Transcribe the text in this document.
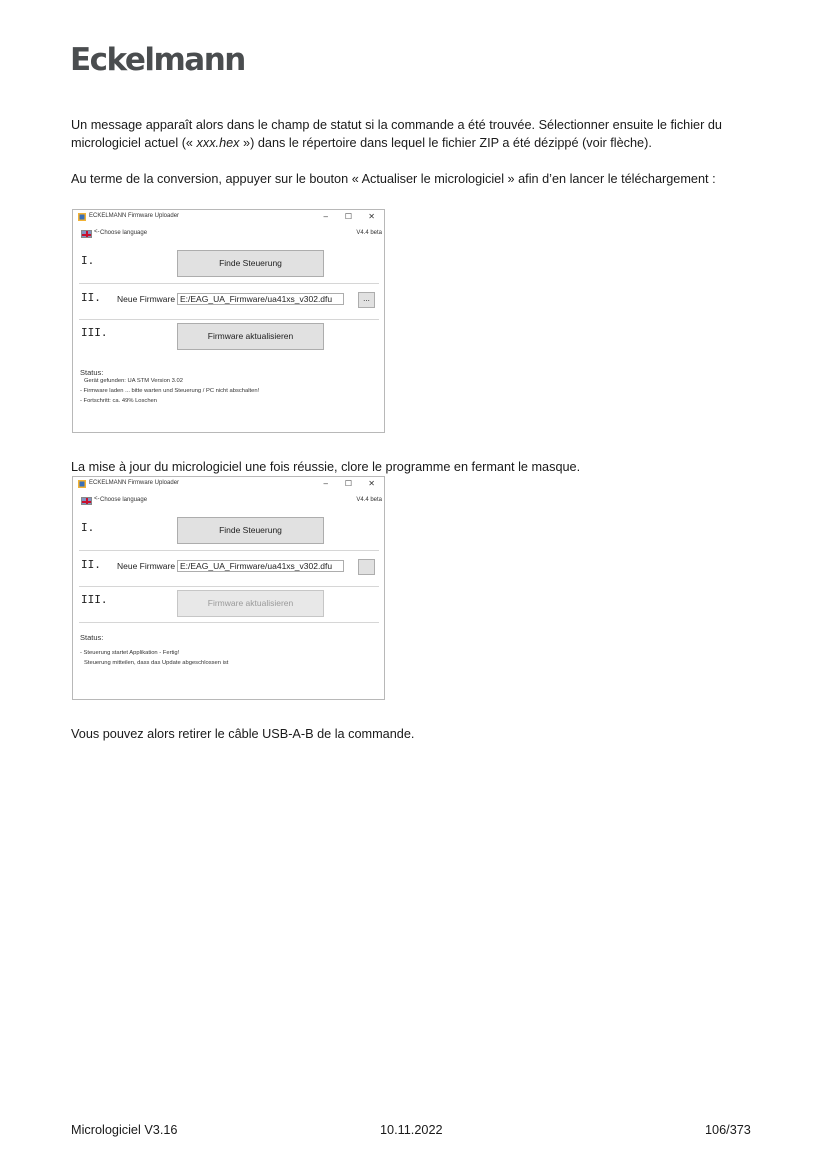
Eckelmann
Un message apparaît alors dans le champ de statut si la commande a été trouvée. Sélectionner ensuite le fichier du micrologiciel actuel (« xxx.hex ») dans le répertoire dans lequel le fichier ZIP a été dézippé (voir flèche).
Au terme de la conversion, appuyer sur le bouton « Actualiser le micrologiciel » afin d’en lancer le téléchargement :
ECKELMANN Firmware Uploader	– ☐ ✕
<- Choose language	V4.4 beta
I.	Finde Steuerung
II. Neue Firmware E:/EAG_UA_Firmware/ua41xs_v302.dfu	...
III.	Firmware aktualisieren
Status:
Gerät gefunden: UA STM Version 3.02
- Firmware laden ... bitte warten und Steuerung / PC nicht abschalten!
- Fortschritt: ca. 49% Loschen
La mise à jour du micrologiciel une fois réussie, clore le programme en fermant le masque.
ECKELMANN Firmware Uploader	– ☐ ✕
<- Choose language	V4.4 beta
I.	Finde Steuerung
II. Neue Firmware E:/EAG_UA_Firmware/ua41xs_v302.dfu
III.	Firmware aktualisieren
Status:
- Steuerung startet Applikation - Fertig!
Steuerung mitteilen, dass das Update abgeschlossen ist
Vous pouvez alors retirer le câble USB-A-B de la commande.
Micrologiciel V3.16	10.11.2022	106/373
